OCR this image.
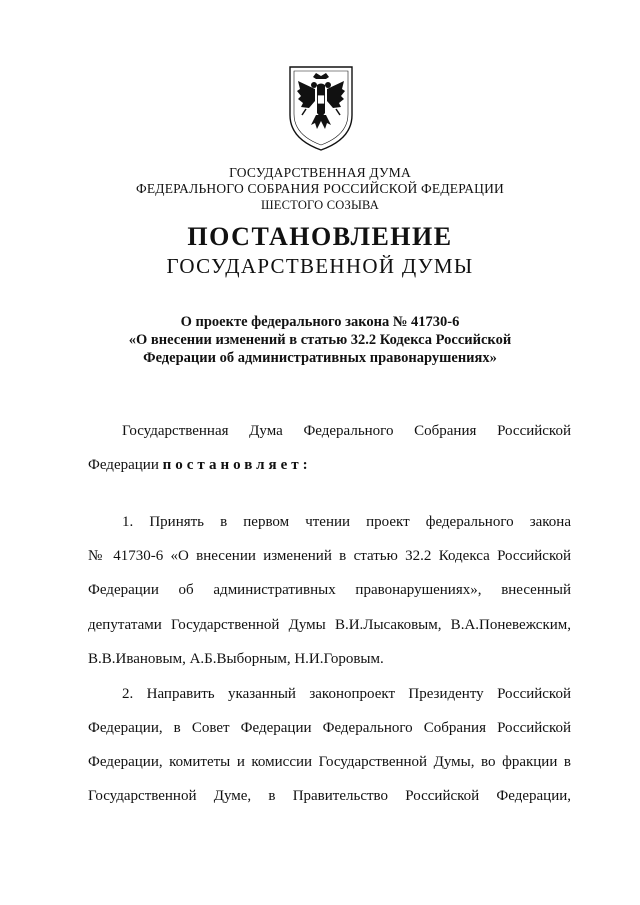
ГОСУДАРСТВЕННАЯ ДУМА
ФЕДЕРАЛЬНОГО СОБРАНИЯ РОССИЙСКОЙ ФЕДЕРАЦИИ
ШЕСТОГО СОЗЫВА
ПОСТАНОВЛЕНИЕ
ГОСУДАРСТВЕННОЙ ДУМЫ
О проекте федерального закона № 41730-6
«О внесении изменений в статью 32.2 Кодекса Российской
Федерации об административных правонарушениях»
Государственная Дума Федерального Собрания Российской
Федерации постановляет:
1. Принять в первом чтении проект федерального закона
№ 41730-6 «О внесении изменений в статью 32.2 Кодекса Российской
Федерации об административных правонарушениях», внесенный
депутатами Государственной Думы В.И.Лысаковым, В.А.Поневежским,
В.В.Ивановым, А.Б.Выборным, Н.И.Горовым.
2. Направить указанный законопроект Президенту Российской
Федерации, в Совет Федерации Федерального Собрания Российской
Федерации, комитеты и комиссии Государственной Думы, во фракции в
Государственной Думе, в Правительство Российской Федерации,
